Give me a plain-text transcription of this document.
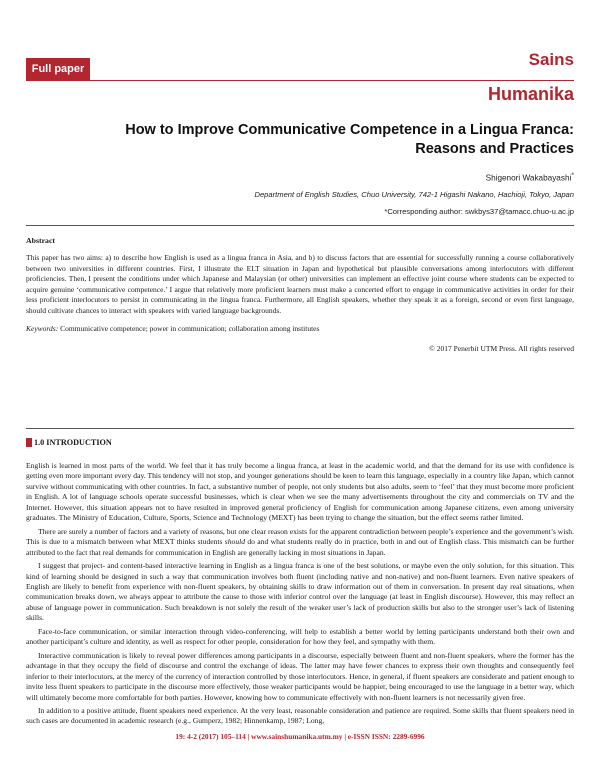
Full paper	Sains
Humanika
How to Improve Communicative Competence in a Lingua Franca:
Reasons and Practices
Shigenori Wakabayashi*
Department of English Studies, Chuo University, 742-1 Higashi Nakano, Hachioji, Tokyo, Japan
*Corresponding author: swkbys37@tamacc.chuo-u.ac.jp
Abstract

This paper has two aims: a) to describe how English is used as a lingua franca in Asia, and b) to discuss factors that are essential for successfully running a course collaboratively between two universities in different countries. First, I illustrate the ELT situation in Japan and hypothetical but plausible conversations among interlocutors with different proficiencies. Then, I present the conditions under which Japanese and Malaysian (or other) universities can implement an effective joint course where students can be expected to acquire genuine ‘communicative competence.’ I argue that relatively more proficient learners must make a concerted effort to engage in communicative activities in order for their less proficient interlocutors to persist in communicating in the lingua franca. Furthermore, all English speakers, whether they speak it as a foreign, second or even first language, should cultivate chances to interact with speakers with varied language backgrounds.

Keywords: Communicative competence; power in communication; collaboration among institutes
© 2017 Penerbit UTM Press. All rights reserved
1.0 INTRODUCTION

English is learned in most parts of the world. We feel that it has truly become a lingua franca, at least in the academic world, and that the demand for its use with confidence is getting even more important every day. This tendency will not stop, and younger generations should be keen to learn this language, especially in a country like Japan, which cannot survive without communicating with other countries. In fact, a substantive number of people, not only students but also adults, seem to ‘feel’ that they must become more proficient in English. A lot of language schools operate successful businesses, which is clear when we see the many advertisements throughout the city and commercials on TV and the Internet. However, this situation appears not to have resulted in improved general proficiency of English for communication among Japanese citizens, even among university graduates. The Ministry of Education, Culture, Sports, Science and Technology (MEXT) has been trying to change the situation, but the effect seems rather limited.

There are surely a number of factors and a variety of reasons, but one clear reason exists for the apparent contradiction between people’s experience and the government’s wish. This is due to a mismatch between what MEXT thinks students should do and what students really do in practice, both in and out of English class. This mismatch can be further attributed to the fact that real demands for communication in English are generally lacking in most situations in Japan.

I suggest that project- and content-based interactive learning in English as a lingua franca is one of the best solutions, or maybe even the only solution, for this situation. This kind of learning should be designed in such a way that communication involves both fluent (including native and non-native) and non-fluent learners. Even native speakers of English are likely to benefit from experience with non-fluent speakers, by obtaining skills to draw information out of them in conversation. In present day real situations, when communication breaks down, we always appear to attribute the cause to those with inferior control over the language (at least in English discourse). However, this may reflect an abuse of language power in communication. Such breakdown is not solely the result of the weaker user’s lack of production skills but also to the stronger user’s lack of listening skills.

Face-to-face communication, or similar interaction through video-conferencing, will help to establish a better world by letting participants understand both their own and another participant’s culture and identity, as well as respect for other people, consideration for how they feel, and sympathy with them.

Interactive communication is likely to reveal power differences among participants in a discourse, especially between fluent and non-fluent speakers, where the former has the advantage in that they occupy the field of discourse and control the exchange of ideas. The latter may have fewer chances to express their own thoughts and consequently feel inferior to their interlocutors, at the mercy of the currency of interaction controlled by those interlocutors. Hence, in general, if fluent speakers are considerate and patient enough to invite less fluent speakers to participate in the discourse more effectively, those weaker participants would be happier, being encouraged to use the language in a better way, which will ultimately become more comfortable for both parties. However, knowing how to communicate effectively with non-fluent learners is not necessarily given free.

In addition to a positive attitude, fluent speakers need experience. At the very least, reasonable consideration and patience are required. Some skills that fluent speakers need in such cases are documented in academic research (e.g., Gumperz, 1982; Hinnenkamp, 1987; Long,

19: 4-2 (2017) 105–114 | www.sainshumanika.utm.my | e-ISSN ISSN: 2289-6996
